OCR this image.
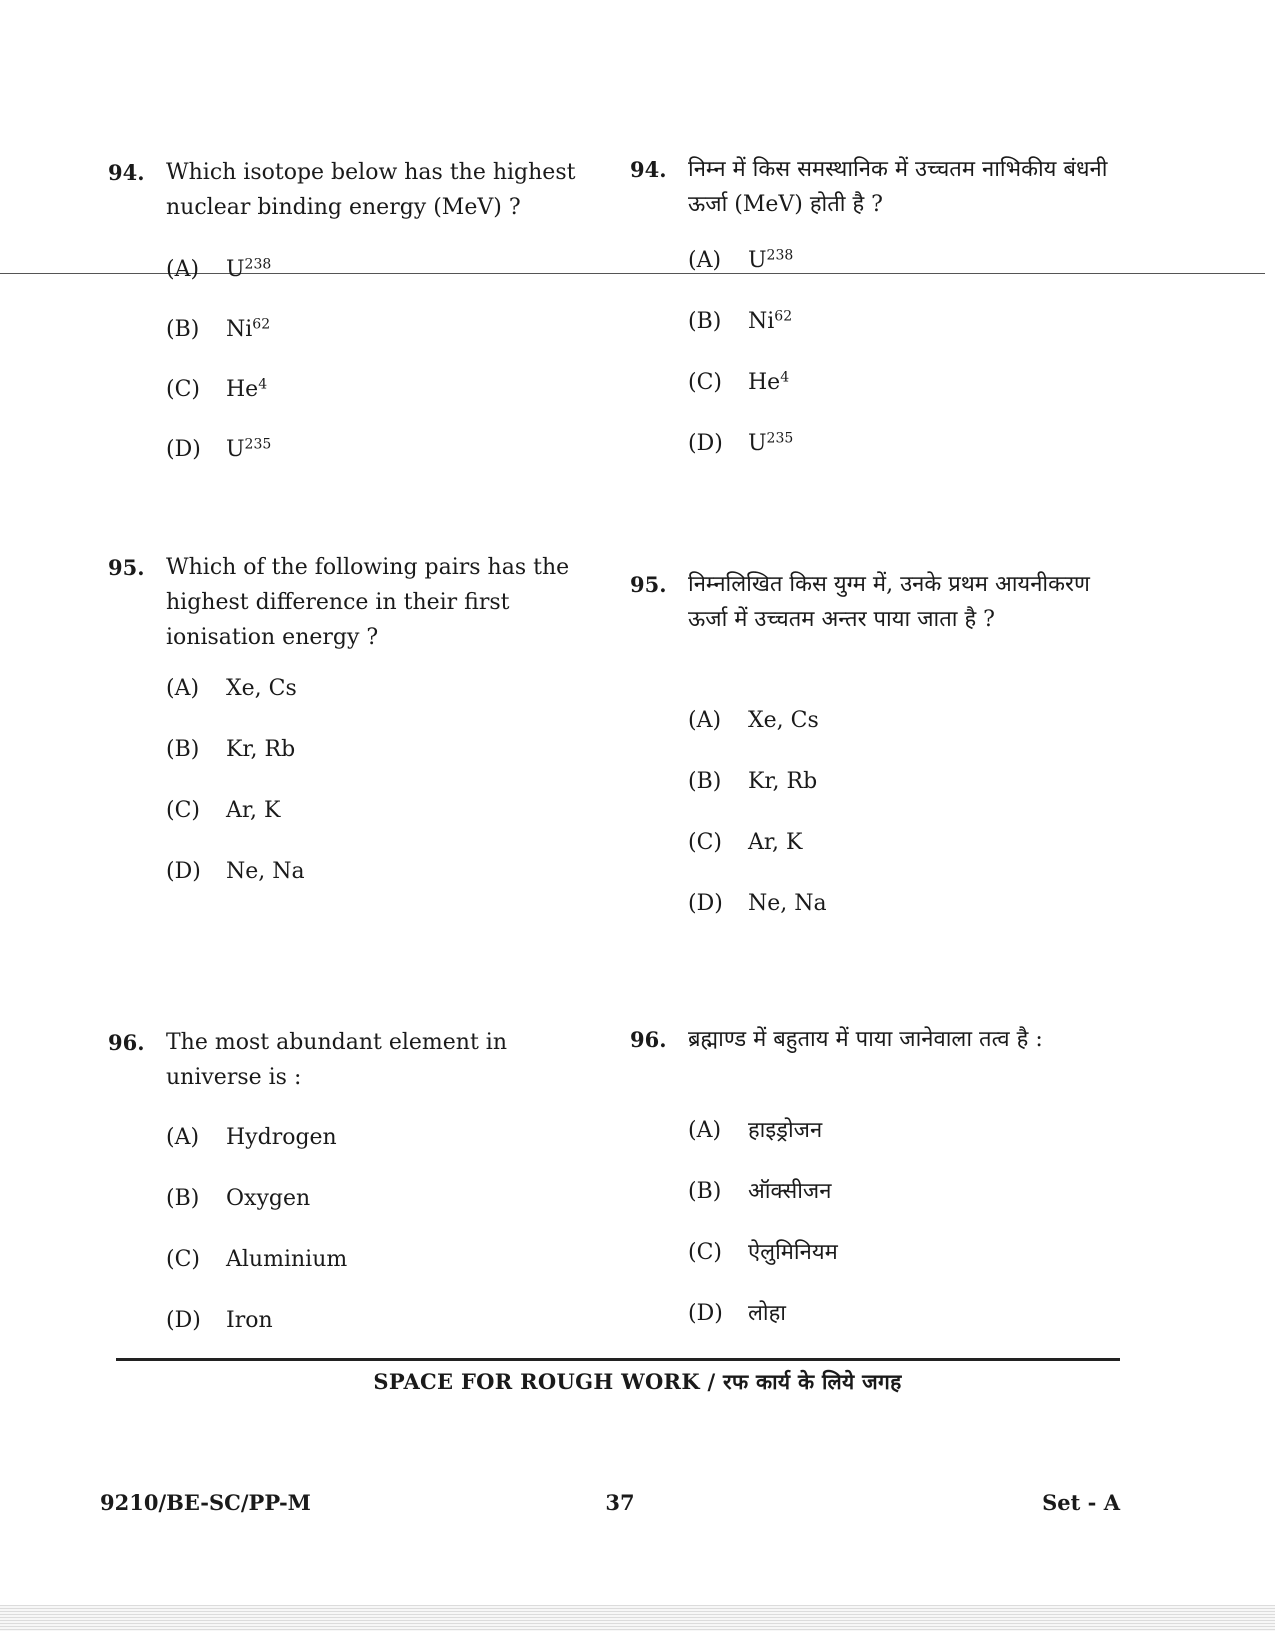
94. Which isotope below has the highest nuclear binding energy (MeV) ?
(A) $U^{238}$
(B) Ni$^{62}$
(C) He$^4$
(D) $U^{235}$
95. Which of the following pairs has the highest difference in their first ionisation energy ?
(A) Xe, Cs
(B) Kr, Rb
(C) Ar, K
(D) Ne, Na
96. The most abundant element in universe is :
(A) Hydrogen
(B) Oxygen
(C) Aluminium
(D) Iron
94. निम्न में किस समस्थानिक में उच्चतम नाभिकीय बंधनी ऊर्जा (MeV) होती है ?
(A) $U^{238}$
(B) Ni$^{62}$
(C) He$^4$
(D) $U^{235}$
95. निम्नलिखित किस युग्म में, उनके प्रथम आयनीकरण ऊर्जा में उच्चतम अन्तर पाया जाता है ?
(A) Xe, Cs
(B) Kr, Rb
(C) Ar, K
(D) Ne, Na
96. ब्रह्माण्ड में बहुताय में पाया जानेवाला तत्व है :
(A) हाइड्रोजन
(B) ऑक्सीजन
(C) ऐलुमिनियम
(D) लोहा
SPACE FOR ROUGH WORK / रफ कार्य के लिये जगह
9210/BE-SC/PP-M	37	Set - A
